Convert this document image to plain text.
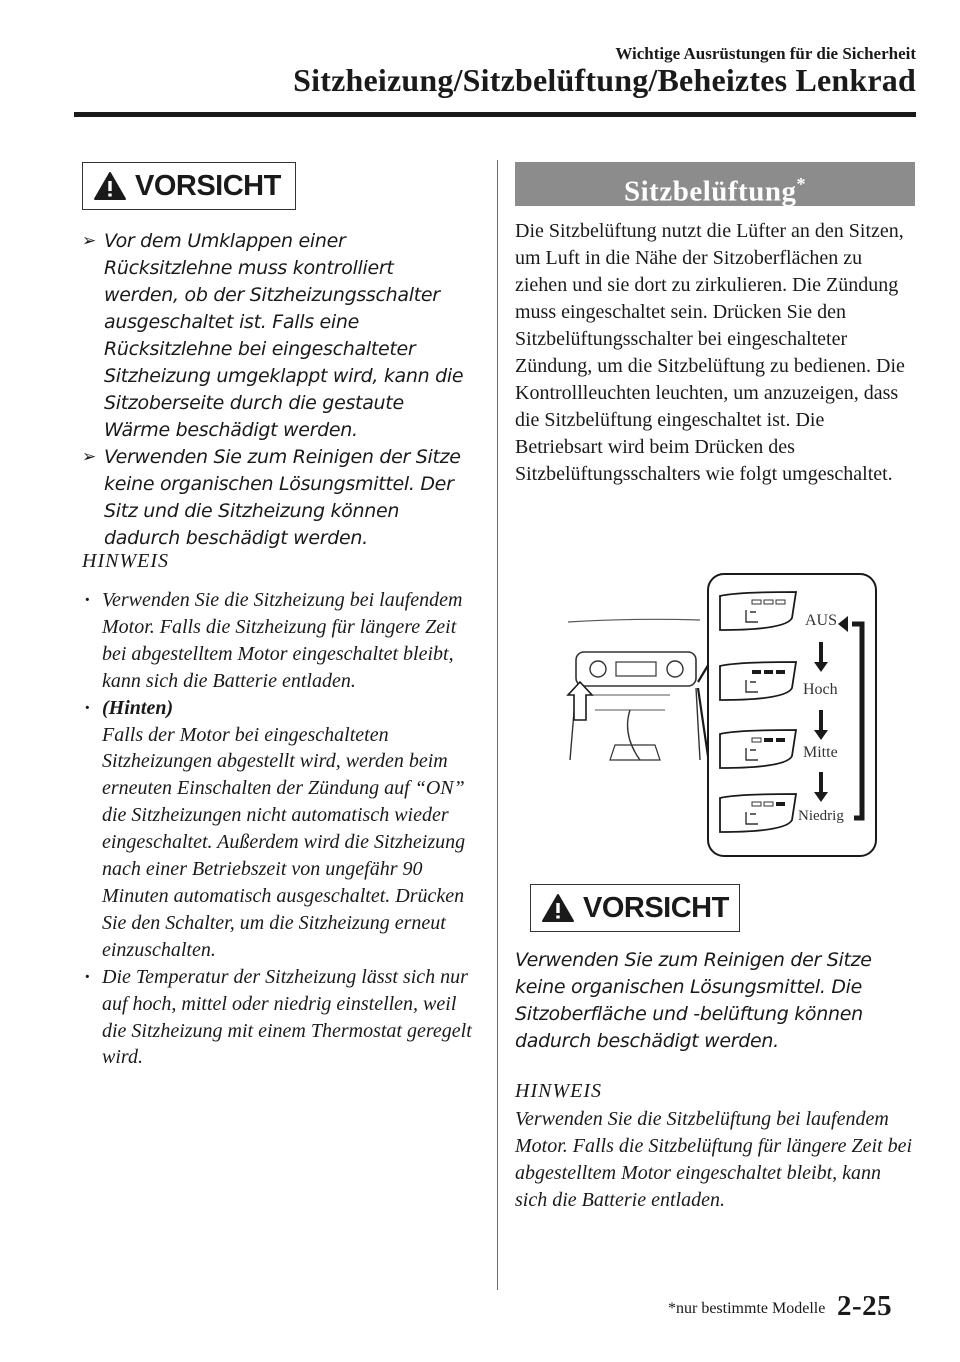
Wichtige Ausrüstungen für die Sicherheit
Sitzheizung/Sitzbelüftung/Beheiztes Lenkrad
VORSICHT
➢ Vor dem Umklappen einer Rücksitzlehne muss kontrolliert werden, ob der Sitzheizungsschalter ausgeschaltet ist. Falls eine Rücksitzlehne bei eingeschalteter Sitzheizung umgeklappt wird, kann die Sitzoberseite durch die gestaute Wärme beschädigt werden.
➢ Verwenden Sie zum Reinigen der Sitze keine organischen Lösungsmittel. Der Sitz und die Sitzheizung können dadurch beschädigt werden.
HINWEIS
· Verwenden Sie die Sitzheizung bei laufendem Motor. Falls die Sitzheizung für längere Zeit bei abgestelltem Motor eingeschaltet bleibt, kann sich die Batterie entladen.
· (Hinten)
Falls der Motor bei eingeschalteten Sitzheizungen abgestellt wird, werden beim erneuten Einschalten der Zündung auf “ON” die Sitzheizungen nicht automatisch wieder eingeschaltet. Außerdem wird die Sitzheizung nach einer Betriebszeit von ungefähr 90 Minuten automatisch ausgeschaltet. Drücken Sie den Schalter, um die Sitzheizung erneut einzuschalten.
· Die Temperatur der Sitzheizung lässt sich nur auf hoch, mittel oder niedrig einstellen, weil die Sitzheizung mit einem Thermostat geregelt wird.
Sitzbelüftung*

Die Sitzbelüftung nutzt die Lüfter an den Sitzen, um Luft in die Nähe der Sitzoberflächen zu ziehen und sie dort zu zirkulieren. Die Zündung muss eingeschaltet sein. Drücken Sie den Sitzbelüftungsschalter bei eingeschalteter Zündung, um die Sitzbelüftung zu bedienen. Die Kontrollleuchten leuchten, um anzuzeigen, dass die Sitzbelüftung eingeschaltet ist. Die Betriebsart wird beim Drücken des Sitzbelüftungsschalters wie folgt umgeschaltet.

AUS
Hoch
Mitte
Niedrig
VORSICHT

Verwenden Sie zum Reinigen der Sitze keine organischen Lösungsmittel. Die Sitzoberfläche und -belüftung können dadurch beschädigt werden.

HINWEIS

Verwenden Sie die Sitzbelüftung bei laufendem Motor. Falls die Sitzbelüftung für längere Zeit bei abgestelltem Motor eingeschaltet bleibt, kann sich die Batterie entladen.

*nur bestimmte Modelle 2-25
